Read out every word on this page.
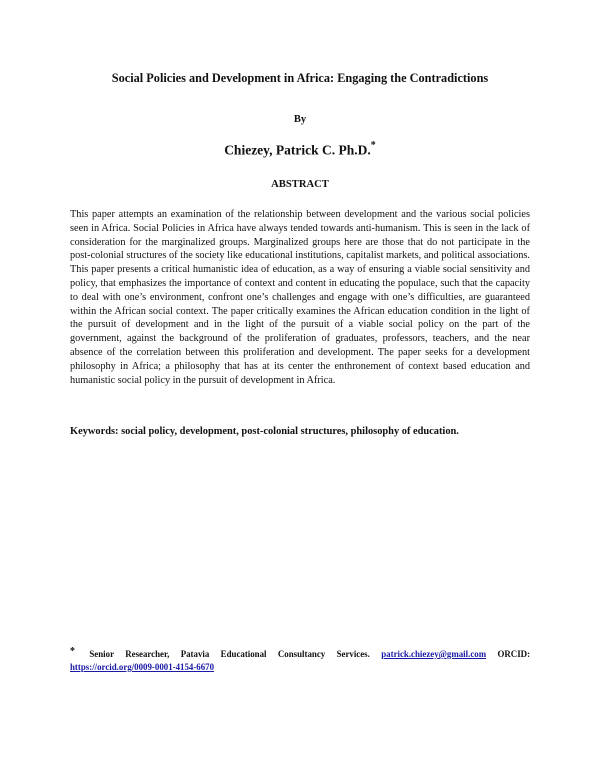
Social Policies and Development in Africa: Engaging the Contradictions
By
Chiezey, Patrick C. Ph.D.*
ABSTRACT

This paper attempts an examination of the relationship between development and the various social policies seen in Africa. Social Policies in Africa have always tended towards anti-humanism. This is seen in the lack of consideration for the marginalized groups. Marginalized groups here are those that do not participate in the post-colonial structures of the society like educational institutions, capitalist markets, and political associations. This paper presents a critical humanistic idea of education, as a way of ensuring a viable social sensitivity and policy, that emphasizes the importance of context and content in educating the populace, such that the capacity to deal with one’s environment, confront one’s challenges and engage with one’s difficulties, are guaranteed within the African social context. The paper critically examines the African education condition in the light of the pursuit of development and in the light of the pursuit of a viable social policy on the part of the government, against the background of the proliferation of graduates, professors, teachers, and the near absence of the correlation between this proliferation and development. The paper seeks for a development philosophy in Africa; a philosophy that has at its center the enthronement of context based education and humanistic social policy in the pursuit of development in Africa.

Keywords: social policy, development, post-colonial structures, philosophy of education.

* Senior Researcher, Patavia Educational Consultancy Services. patrick.chiezey@gmail.com ORCID: https://orcid.org/0009-0001-4154-6670
